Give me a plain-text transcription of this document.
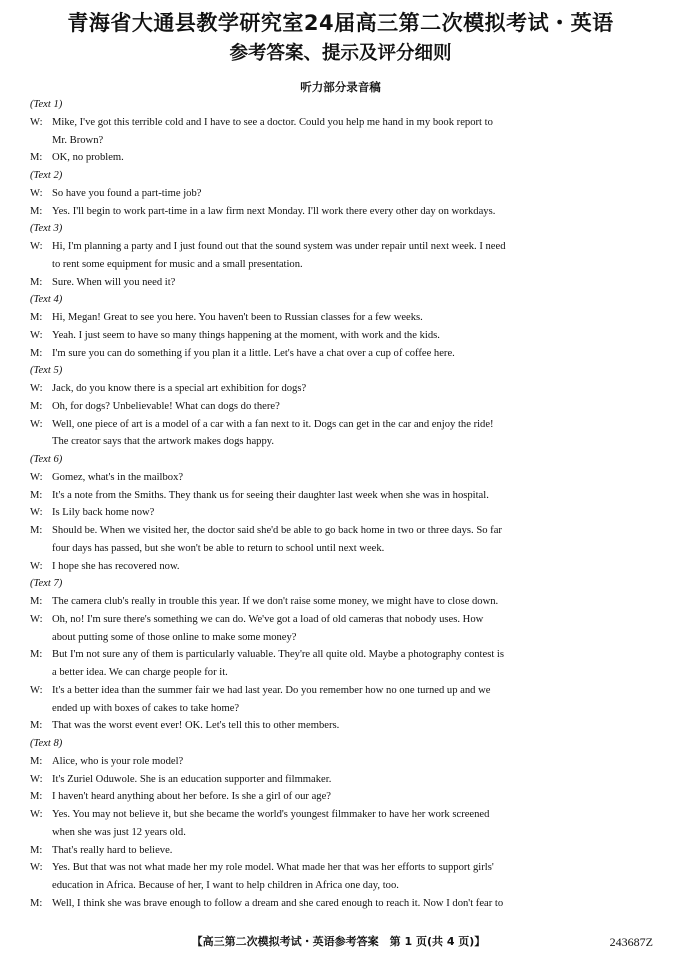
青海省大通县教学研究室24届高三第二次模拟考试・英语
参考答案、提示及评分细则
听力部分录音稿
(Text 1)
W: Mike, I've got this terrible cold and I have to see a doctor. Could you help me hand in my book report to
Mr. Brown?
M: OK, no problem.
(Text 2)
W: So have you found a part-time job?
M: Yes. I'll begin to work part-time in a law firm next Monday. I'll work there every other day on workdays.
(Text 3)
W: Hi, I'm planning a party and I just found out that the sound system was under repair until next week. I need
to rent some equipment for music and a small presentation.
M: Sure. When will you need it?
(Text 4)
M: Hi, Megan! Great to see you here. You haven't been to Russian classes for a few weeks.
W: Yeah. I just seem to have so many things happening at the moment, with work and the kids.
M: I'm sure you can do something if you plan it a little. Let's have a chat over a cup of coffee here.
(Text 5)
W: Jack, do you know there is a special art exhibition for dogs?
M: Oh, for dogs? Unbelievable! What can dogs do there?
W: Well, one piece of art is a model of a car with a fan next to it. Dogs can get in the car and enjoy the ride!
The creator says that the artwork makes dogs happy.
(Text 6)
W: Gomez, what's in the mailbox?
M: It's a note from the Smiths. They thank us for seeing their daughter last week when she was in hospital.
W: Is Lily back home now?
M: Should be. When we visited her, the doctor said she'd be able to go back home in two or three days. So far
four days has passed, but she won't be able to return to school until next week.
W: I hope she has recovered now.
(Text 7)
M: The camera club's really in trouble this year. If we don't raise some money, we might have to close down.
W: Oh, no! I'm sure there's something we can do. We've got a load of old cameras that nobody uses. How
about putting some of those online to make some money?
M: But I'm not sure any of them is particularly valuable. They're all quite old. Maybe a photography contest is
a better idea. We can charge people for it.
W: It's a better idea than the summer fair we had last year. Do you remember how no one turned up and we
ended up with boxes of cakes to take home?
M: That was the worst event ever! OK. Let's tell this to other members.
(Text 8)
M: Alice, who is your role model?
W: It's Zuriel Oduwole. She is an education supporter and filmmaker.
M: I haven't heard anything about her before. Is she a girl of our age?
W: Yes. You may not believe it, but she became the world's youngest filmmaker to have her work screened
when she was just 12 years old.
M: That's really hard to believe.
W: Yes. But that was not what made her my role model. What made her that was her efforts to support girls'
education in Africa. Because of her, I want to help children in Africa one day, too.
M: Well, I think she was brave enough to follow a dream and she cared enough to reach it. Now I don't fear to
【高三第二次模拟考试・英语参考答案　第 1 页(共 4 页)】	243687Z
